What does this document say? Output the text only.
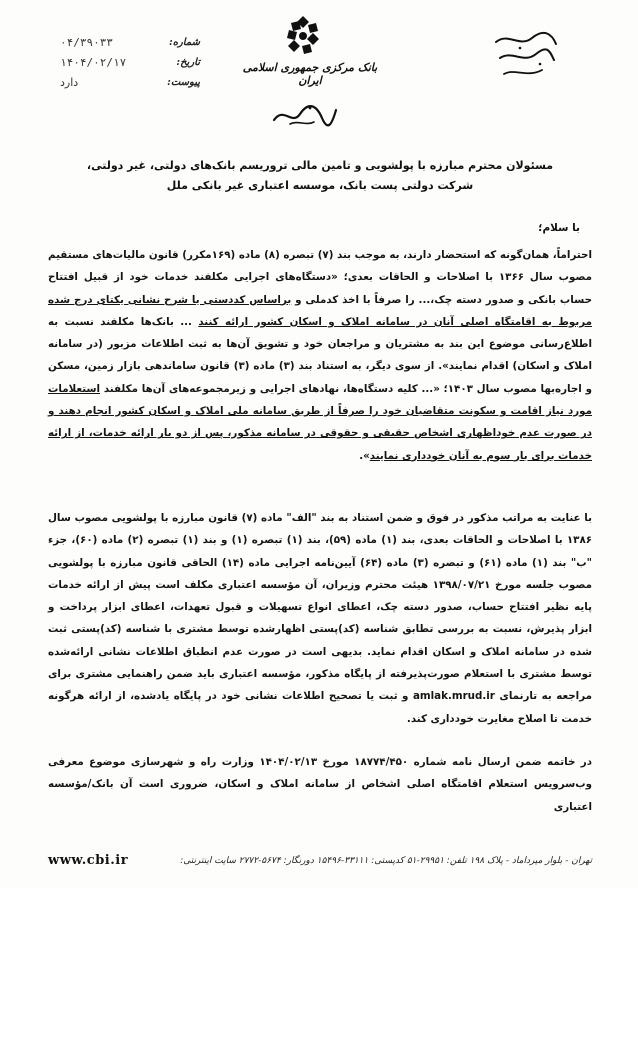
بانک مرکزی جمهوری اسلامی ایران
شماره:
۰۴/۳۹۰۳۳
تاریخ:
۱۴۰۴/۰۲/۱۷
پیوست:
دارد
مسئولان محترم مبارزه با پولشویی و تامین مالی تروریسم بانک‌های دولتی، غیر دولتی،
شرکت دولتی پست بانک، موسسه اعتباری غیر بانکی ملل
با سلام؛
احتراماً، همان‌گونه که استحضار دارند، به موجب بند (۷) تبصره (۸) ماده (۱۶۹مکرر) قانون مالیات‌های مستقیم مصوب سال ۱۳۶۶ با اصلاحات و الحاقات بعدی؛ «دستگاه‌های اجرایی مکلفند خدمات خود از قبیل افتتاح حساب بانکی و صدور دسته چک،... را صرفاً با اخذ کدملی و براساس کددستی یا شرح نشانی یکتای درج شده مربوط به اقامتگاه اصلی آنان در سامانه املاک و اسکان کشور ارائه کنند ... بانک‌ها مکلفند نسبت به اطلاع‌رسانی موضوع این بند به مشتریان و مراجعان خود و تشویق آن‌ها به ثبت اطلاعات مزبور (در سامانه املاک و اسکان) اقدام نمایند». از سوی دیگر، به استناد بند (۳) ماده (۳) قانون ساماندهی بازار زمین، مسکن و اجاره‌بها مصوب سال ۱۴۰۳؛ «... کلیه دستگاه‌ها، نهادهای اجرایی و زیرمجموعه‌های آن‌ها مکلفند استعلامات مورد نیاز اقامت و سکونت متقاضیان خود را صرفاً از طریق سامانه ملی املاک و اسکان کشور انجام دهند و در صورت عدم خوداظهاری اشخاص حقیقی و حقوقی در سامانه مذکور، پس از دو بار ارائه خدمات، از ارائه خدمات برای بار سوم به آنان خودداری نمایند».
با عنایت به مراتب مذکور در فوق و ضمن استناد به بند "الف" ماده (۷) قانون مبارزه با پولشویی مصوب سال ۱۳۸۶ با اصلاحات و الحاقات بعدی، بند (۱) ماده (۵۹)، بند (۱) تبصره (۱) و بند (۱) تبصره (۲) ماده (۶۰)، جزء "ب" بند (۱) ماده (۶۱) و تبصره (۳) ماده (۶۴) آیین‌نامه اجرایی ماده (۱۴) الحاقی قانون مبارزه با پولشویی مصوب جلسه مورخ ۱۳۹۸/۰۷/۲۱ هیئت محترم وزیران، آن مؤسسه اعتباری مکلف است پیش از ارائه خدمات پایه نظیر افتتاح حساب، صدور دسته چک، اعطای انواع تسهیلات و قبول تعهدات، اعطای ابزار پرداخت و ابزار پذیرش، نسبت به بررسی تطابق شناسه (کد)پستی اظهارشده توسط مشتری با شناسه (کد)پستی ثبت شده در سامانه املاک و اسکان اقدام نماید. بدیهی است در صورت عدم انطباق اطلاعات نشانی ارائه‌شده توسط مشتری با استعلام صورت‌پذیرفته از پایگاه مذکور، مؤسسه اعتباری باید ضمن راهنمایی مشتری برای مراجعه به تارنمای amlak.mrud.ir و ثبت یا تصحیح اطلاعات نشانی خود در پایگاه یادشده، از ارائه هرگونه خدمت تا اصلاح مغایرت خودداری کند.
در خاتمه ضمن ارسال نامه شماره ۱۸۷۷۴/۴۵۰ مورخ ۱۴۰۴/۰۲/۱۳ وزارت راه و شهرسازی موضوع معرفی وب‌سرویس استعلام اقامتگاه اصلی اشخاص از سامانه املاک و اسکان، ضروری است آن بانک/مؤسسه اعتباری
www.cbi.ir	تهران - بلوار میرداماد - پلاک ۱۹۸ تلفن: ۲۹۹۵۱-۵۱ کدپستی: ۳۳۱۱۱-۱۵۴۹۶ دورنگار: ۵۶۷۴-۲۷۷۲ سایت اینترنتی:
